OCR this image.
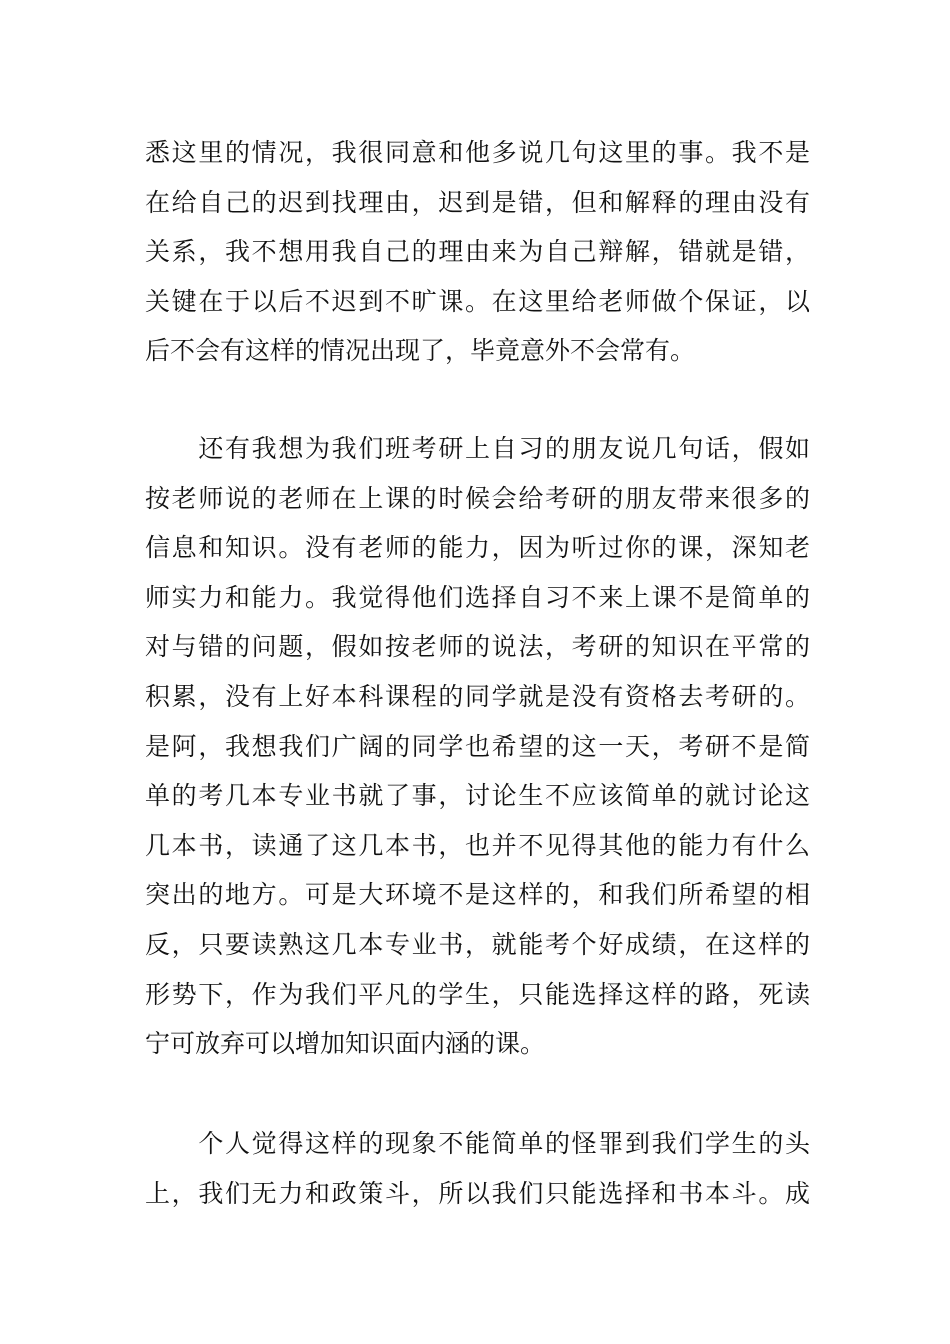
悉这里的情况，我很同意和他多说几句这里的事。我不是
在给自己的迟到找理由，迟到是错，但和解释的理由没有
关系，我不想用我自己的理由来为自己辩解，错就是错，
关键在于以后不迟到不旷课。在这里给老师做个保证，以
后不会有这样的情况出现了，毕竟意外不会常有。

　　还有我想为我们班考研上自习的朋友说几句话，假如
按老师说的老师在上课的时候会给考研的朋友带来很多的
信息和知识。没有老师的能力，因为听过你的课，深知老
师实力和能力。我觉得他们选择自习不来上课不是简单的
对与错的问题，假如按老师的说法，考研的知识在平常的
积累，没有上好本科课程的同学就是没有资格去考研的。
是阿，我想我们广阔的同学也希望的这一天，考研不是简
单的考几本专业书就了事，讨论生不应该简单的就讨论这
几本书，读通了这几本书，也并不见得其他的能力有什么
突出的地方。可是大环境不是这样的，和我们所希望的相
反，只要读熟这几本专业书，就能考个好成绩，在这样的
形势下，作为我们平凡的学生，只能选择这样的路，死读
宁可放弃可以增加知识面内涵的课。

　　个人觉得这样的现象不能简单的怪罪到我们学生的头
上，我们无力和政策斗，所以我们只能选择和书本斗。成
